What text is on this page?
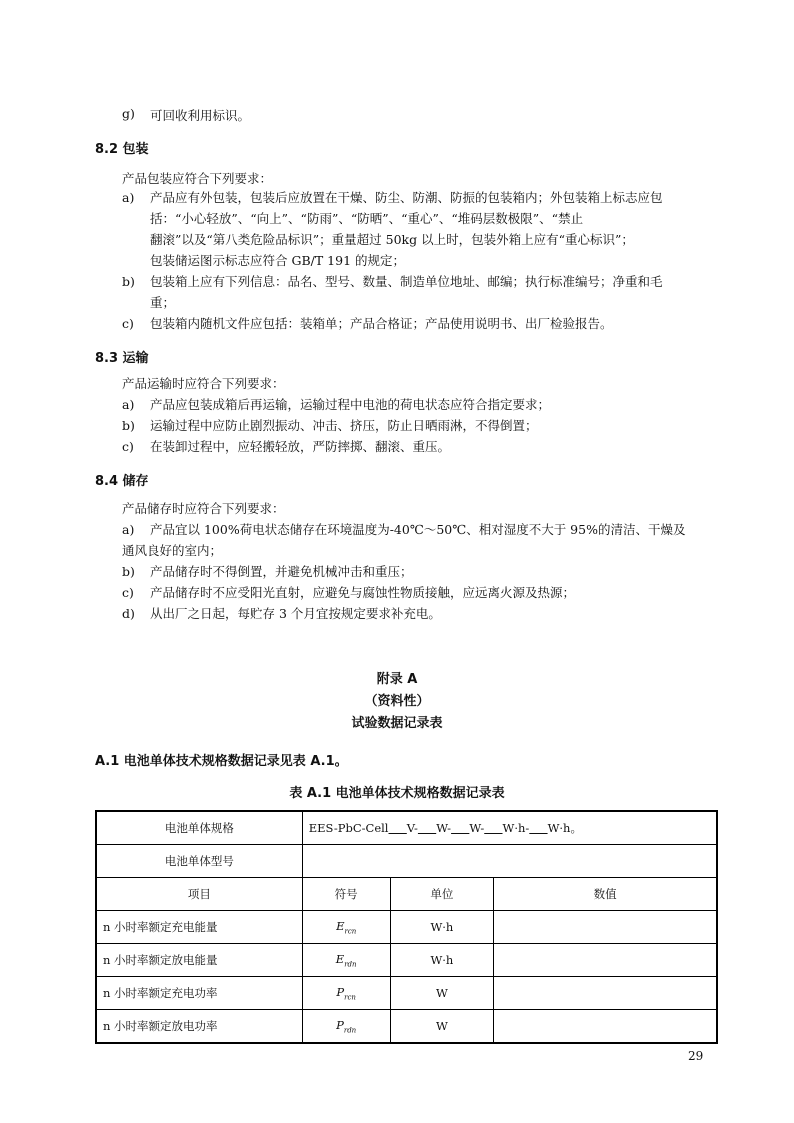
g) 可回收利用标识。
8.2 包装
产品包装应符合下列要求：
a) 产品应有外包装，包装后应放置在干燥、防尘、防潮、防振的包装箱内；外包装箱上标志应包
括：“小心轻放”、“向上”、“防雨”、“防晒”、“重心”、“堆码层数极限”、“禁止
翻滚”以及“第八类危险品标识”；重量超过 50kg 以上时，包装外箱上应有“重心标识”；
包装储运图示标志应符合 GB/T 191 的规定；
b) 包装箱上应有下列信息：品名、型号、数量、制造单位地址、邮编；执行标准编号；净重和毛
重；
c) 包装箱内随机文件应包括：装箱单；产品合格证；产品使用说明书、出厂检验报告。
8.3 运输
产品运输时应符合下列要求：
a) 产品应包装成箱后再运输，运输过程中电池的荷电状态应符合指定要求；
b) 运输过程中应防止剧烈振动、冲击、挤压，防止日晒雨淋，不得倒置；
c) 在装卸过程中，应轻搬轻放，严防摔掷、翻滚、重压。
8.4 储存
产品储存时应符合下列要求：
a) 产品宜以 100%荷电状态储存在环境温度为-40℃～50℃、相对湿度不大于 95%的清洁、干燥及
通风良好的室内；
b) 产品储存时不得倒置，并避免机械冲击和重压；
c) 产品储存时不应受阳光直射，应避免与腐蚀性物质接触，应远离火源及热源；
d) 从出厂之日起，每贮存 3 个月宜按规定要求补充电。
附录 A
（资料性）
试验数据记录表
A.1 电池单体技术规格数据记录见表 A.1。
表 A.1 电池单体技术规格数据记录表
电池单体规格	EES-PbC-Cell V- W- W- W·h- W·h。		
电池单体型号			
项目	符号	单位	数值
n 小时率额定充电能量	$E_{rcn}$	W·h	
n 小时率额定放电能量	$E_{rdn}$	W·h	
n 小时率额定充电功率	$P_{rcn}$	W	
n 小时率额定放电功率	$P_{rdn}$	W	
29
